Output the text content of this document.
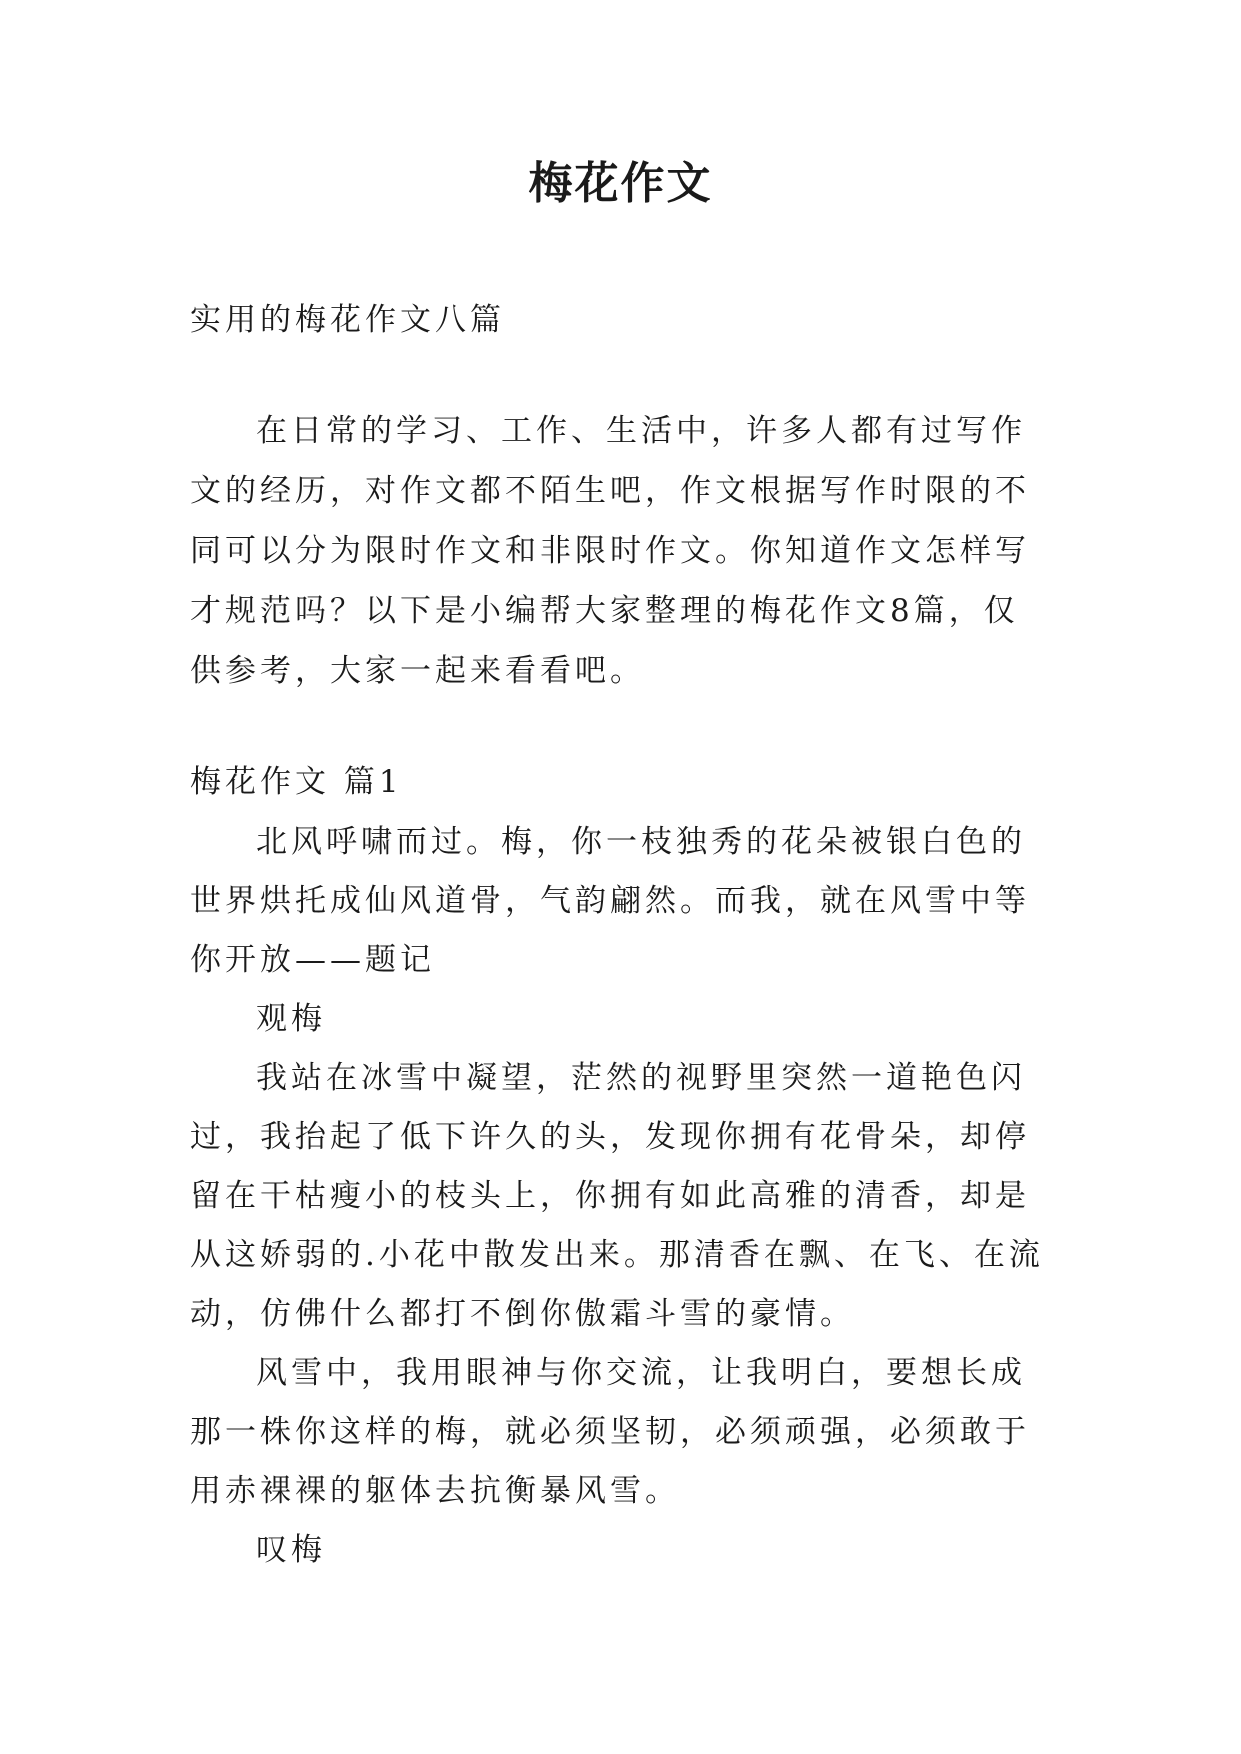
梅花作文

实用的梅花作文八篇

在日常的学习、工作、生活中，许多人都有过写作文的经历，对作文都不陌生吧，作文根据写作时限的不同可以分为限时作文和非限时作文。你知道作文怎样写才规范吗？以下是小编帮大家整理的梅花作文8篇，仅供参考，大家一起来看看吧。

梅花作文 篇1

北风呼啸而过。梅，你一枝独秀的花朵被银白色的世界烘托成仙风道骨，气韵翩然。而我，就在风雪中等你开放——题记

观梅

我站在冰雪中凝望，茫然的视野里突然一道艳色闪过，我抬起了低下许久的头，发现你拥有花骨朵，却停留在干枯瘦小的枝头上，你拥有如此高雅的清香，却是从这娇弱的.小花中散发出来。那清香在飘、在飞、在流动，仿佛什么都打不倒你傲霜斗雪的豪情。

风雪中，我用眼神与你交流，让我明白，要想长成那一株你这样的梅，就必须坚韧，必须顽强，必须敢于用赤裸裸的躯体去抗衡暴风雪。

叹梅
